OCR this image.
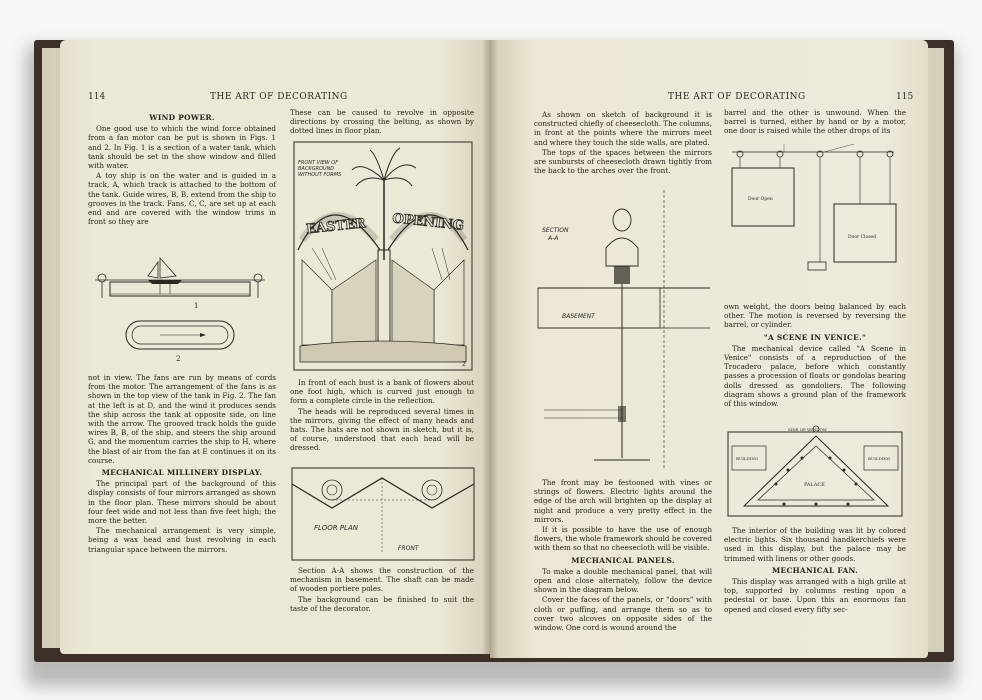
114	THE ART OF DECORATING
WIND POWER.

One good use to which the wind force obtained from a fan motor can be put is shown in Figs. 1 and 2. In Fig. 1 is a section of a water tank, which tank should be set in the show window and filled with water.

A toy ship is on the water and is guided in a track, A, which track is attached to the bottom of the tank. Guide wires, B, B, extend from the ship to grooves in the track. Fans, C, C, are set up at each end and are covered with the window trims in front so they are

1
2

not in view. The fans are run by means of cords from the motor. The arrangement of the fans is as shown in the top view of the tank in Fig. 2. The fan at the left is at D, and the wind it produces sends the ship across the tank at opposite side, on line with the arrow. The grooved track holds the guide wires B, B, of the ship, and steers the ship around G, and the momentum carries the ship to H, where the blast of air from the fan at E continues it on its course.

MECHANICAL MILLINERY DISPLAY.

The principal part of the background of this display consists of four mirrors arranged as shown in the floor plan. These mirrors should be about four feet wide and not less than five feet high; the more the better.

The mechanical arrangement is very simple, being a wax head and bust revolving in each triangular space between the mirrors.

These can be caused to revolve in opposite directions by crossing the belting, as shown by dotted lines in floor plan.

FRONT VIEW OF
BACKGROUND
WITHOUT FORMS
EASTER OPENING
2

In front of each bust is a bank of flowers about one foot high, which is curved just enough to form a complete circle in the reflection.

The heads will be reproduced several times in the mirrors, giving the effect of many heads and hats. The hats are not shown in sketch, but it is, of course, understood that each head will be dressed.

FLOOR PLAN
FRONT

Section A-A shows the construction of the mechanism in basement. The shaft can be made of wooden portiere poles.

The background can be finished to suit the taste of the decorator.

THE ART OF DECORATING	115

As shown on sketch of background it is constructed chiefly of cheesecloth. The columns, in front at the points where the mirrors meet and where they touch the side walls, are plated.

The tops of the spaces between the mirrors are sunbursts of cheesecloth drawn tightly from the back to the arches over the front.

SECTION
A-A
BASEMENT

The front may be festooned with vines or strings of flowers. Electric lights around the edge of the arch will brighten up the display at night and produce a very pretty effect in the mirrors.

If it is possible to have the use of enough flowers, the whole framework should be covered with them so that no cheesecloth will be visible.

MECHANICAL PANELS.

To make a double mechanical panel, that will open and close alternately, follow the device shown in the diagram below.

Cover the faces of the panels, or "doors" with cloth or puffing, and arrange them so as to cover two alcoves on opposite sides of the window. One cord is wound around the

barrel and the other is unwound. When the barrel is turned, either by hand or by a motor, one door is raised while the other drops of its

Door Open
Door Closed

own weight, the doors being balanced by each other. The motion is reversed by reversing the barrel, or cylinder.

"A SCENE IN VENICE."

The mechanical device called "A Scene in Venice" consists of a reproduction of the Trocadero palace, before which constantly passes a procession of floats or gondolas bearing dolls dressed as gondoliers. The following diagram shows a ground plan of the framework of this window.

SIDE OF WINDOW
PALACE
BUILDING	BUILDING

The interior of the building was lit by colored electric lights. Six thousand handkerchiefs were used in this display, but the palace may be trimmed with linens or other goods.

MECHANICAL FAN.

This display was arranged with a high grille at top, supported by columns resting upon a pedestal or base. Upon this an enormous fan opened and closed every fifty sec-
